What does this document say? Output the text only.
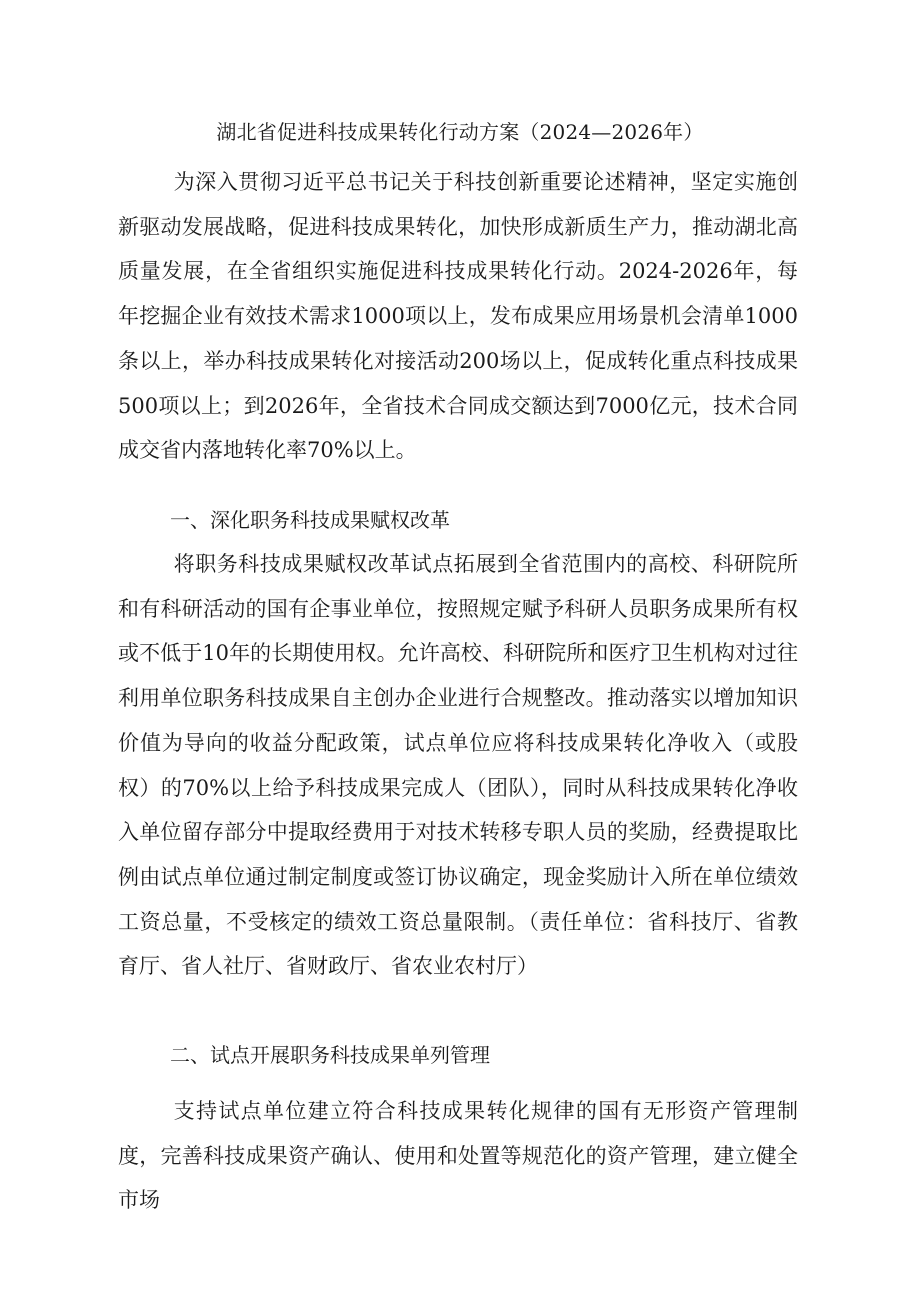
湖北省促进科技成果转化行动方案（2024—2026年）

为深入贯彻习近平总书记关于科技创新重要论述精神，坚定实施创新驱动发展战略，促进科技成果转化，加快形成新质生产力，推动湖北高质量发展，在全省组织实施促进科技成果转化行动。2024-2026年，每年挖掘企业有效技术需求1000项以上，发布成果应用场景机会清单1000条以上，举办科技成果转化对接活动200场以上，促成转化重点科技成果500项以上；到2026年，全省技术合同成交额达到7000亿元，技术合同成交省内落地转化率70%以上。

一、深化职务科技成果赋权改革

将职务科技成果赋权改革试点拓展到全省范围内的高校、科研院所和有科研活动的国有企事业单位，按照规定赋予科研人员职务成果所有权或不低于10年的长期使用权。允许高校、科研院所和医疗卫生机构对过往利用单位职务科技成果自主创办企业进行合规整改。推动落实以增加知识价值为导向的收益分配政策，试点单位应将科技成果转化净收入（或股权）的70%以上给予科技成果完成人（团队），同时从科技成果转化净收入单位留存部分中提取经费用于对技术转移专职人员的奖励，经费提取比例由试点单位通过制定制度或签订协议确定，现金奖励计入所在单位绩效工资总量，不受核定的绩效工资总量限制。（责任单位：省科技厅、省教育厅、省人社厅、省财政厅、省农业农村厅）

二、试点开展职务科技成果单列管理

支持试点单位建立符合科技成果转化规律的国有无形资产管理制度，完善科技成果资产确认、使用和处置等规范化的资产管理，建立健全市场
